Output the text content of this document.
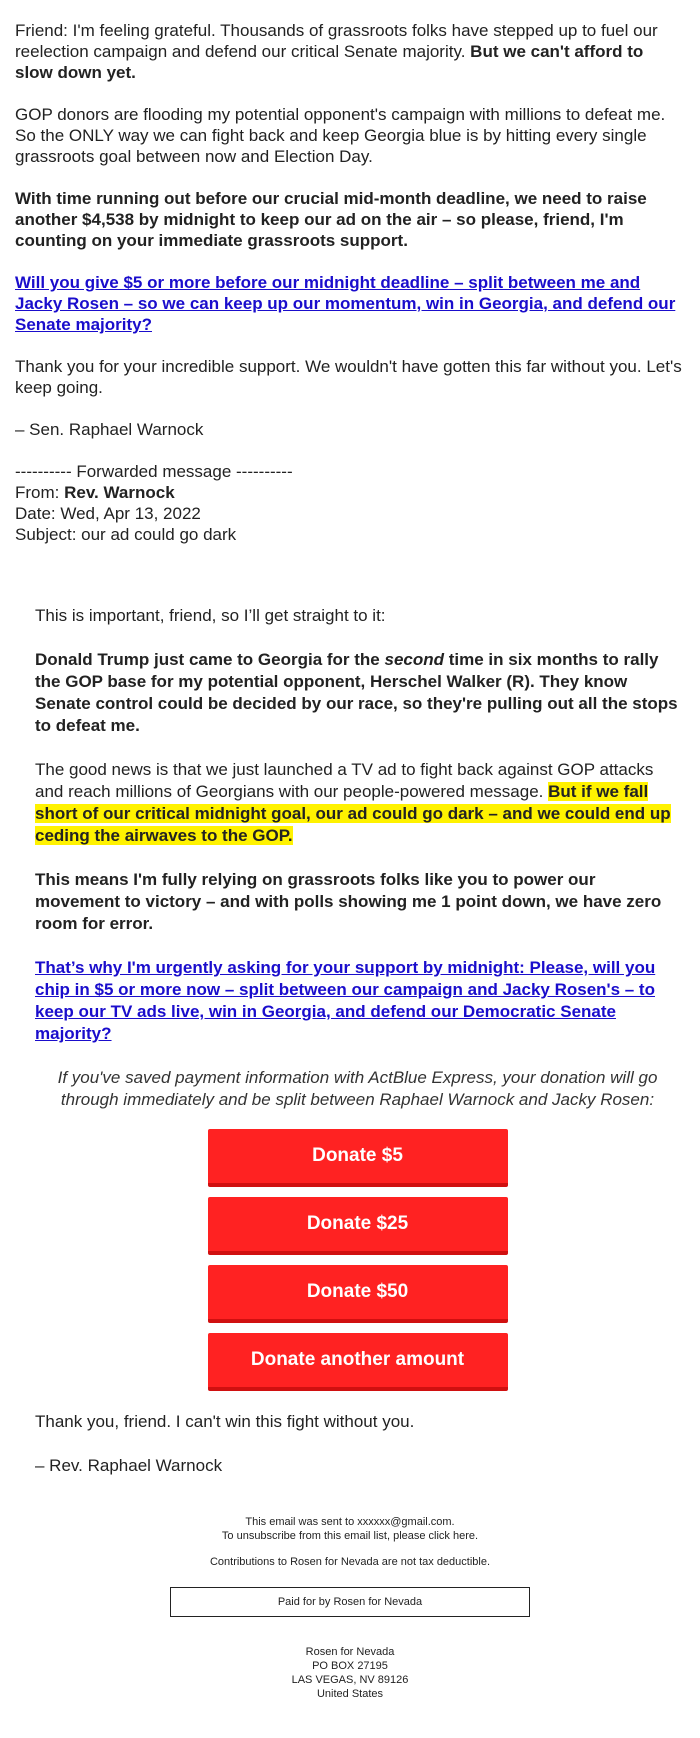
Friend: I'm feeling grateful. Thousands of grassroots folks have stepped up to fuel our reelection campaign and defend our critical Senate majority. But we can't afford to slow down yet.

GOP donors are flooding my potential opponent's campaign with millions to defeat me. So the ONLY way we can fight back and keep Georgia blue is by hitting every single grassroots goal between now and Election Day.

With time running out before our crucial mid-month deadline, we need to raise another $4,538 by midnight to keep our ad on the air – so please, friend, I'm counting on your immediate grassroots support.

Will you give $5 or more before our midnight deadline – split between me and Jacky Rosen – so we can keep up our momentum, win in Georgia, and defend our Senate majority?

Thank you for your incredible support. We wouldn't have gotten this far without you. Let's keep going.

– Sen. Raphael Warnock

---------- Forwarded message ----------

From: Rev. Warnock

Date: Wed, Apr 13, 2022

Subject: our ad could go dark

This is important, friend, so I’ll get straight to it:

Donald Trump just came to Georgia for the second time in six months to rally the GOP base for my potential opponent, Herschel Walker (R). They know Senate control could be decided by our race, so they're pulling out all the stops to defeat me.

The good news is that we just launched a TV ad to fight back against GOP attacks and reach millions of Georgians with our people-powered message. But if we fall short of our critical midnight goal, our ad could go dark – and we could end up ceding the airwaves to the GOP.

This means I'm fully relying on grassroots folks like you to power our movement to victory – and with polls showing me 1 point down, we have zero room for error.

That’s why I'm urgently asking for your support by midnight: Please, will you chip in $5 or more now – split between our campaign and Jacky Rosen's – to keep our TV ads live, win in Georgia, and defend our Democratic Senate majority?

If you've saved payment information with ActBlue Express, your donation will go through immediately and be split between Raphael Warnock and Jacky Rosen:

Donate $5
Donate $25
Donate $50
Donate another amount

Thank you, friend. I can't win this fight without you.

– Rev. Raphael Warnock

This email was sent to xxxxxx@gmail.com.

To unsubscribe from this email list, please click here.

Contributions to Rosen for Nevada are not tax deductible.

Paid for by Rosen for Nevada

Rosen for Nevada

PO BOX 27195

LAS VEGAS, NV 89126

United States
